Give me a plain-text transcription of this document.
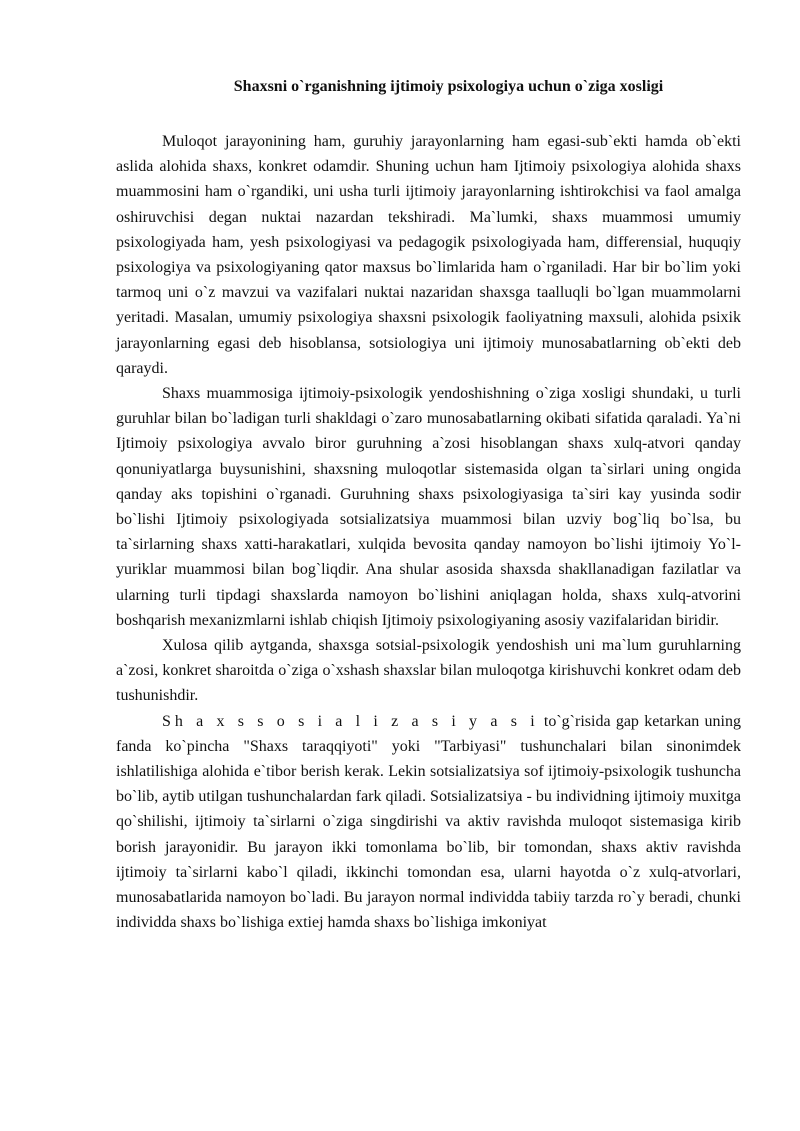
Shaxsni o`rganishning ijtimoiy psixologiya uchun o`ziga xosligi

Muloqot jarayonining ham, guruhiy jarayonlarning ham egasi-sub`ekti hamda ob`ekti aslida alohida shaxs, konkret odamdir. Shuning uchun ham Ijtimoiy psixologiya alohida shaxs muammosini ham o`rgandiki, uni usha turli ijtimoiy jarayonlarning ishtirokchisi va faol amalga oshiruvchisi degan nuktai nazardan tekshiradi. Ma`lumki, shaxs muammosi umumiy psixologiyada ham, yesh psixologiyasi va pedagogik psixologiyada ham, differensial, huquqiy psixologiya va psixologiyaning qator maxsus bo`limlarida ham o`rganiladi. Har bir bo`lim yoki tarmoq uni o`z mavzui va vazifalari nuktai nazaridan shaxsga taalluqli bo`lgan muammolarni yeritadi. Masalan, umumiy psixologiya shaxsni psixologik faoliyatning maxsuli, alohida psixik jarayonlarning egasi deb hisoblansa, sotsiologiya uni ijtimoiy munosabatlarning ob`ekti deb qaraydi.

Shaxs muammosiga ijtimoiy-psixologik yendoshishning o`ziga xosligi shundaki, u turli guruhlar bilan bo`ladigan turli shakldagi o`zaro munosabatlarning okibati sifatida qaraladi. Ya`ni Ijtimoiy psixologiya avvalo biror guruhning a`zosi hisoblangan shaxs xulq-atvori qanday qonuniyatlarga buysunishini, shaxsning muloqotlar sistemasida olgan ta`sirlari uning ongida qanday aks topishini o`rganadi. Guruhning shaxs psixologiyasiga ta`siri kay yusinda sodir bo`lishi Ijtimoiy psixologiyada sotsializatsiya muammosi bilan uzviy bog`liq bo`lsa, bu ta`sirlarning shaxs xatti-harakatlari, xulqida bevosita qanday namoyon bo`lishi ijtimoiy Yo`l-yuriklar muammosi bilan bog`liqdir. Ana shular asosida shaxsda shakllanadigan fazilatlar va ularning turli tipdagi shaxslarda namoyon bo`lishini aniqlagan holda, shaxs xulq-atvorini boshqarish mexanizmlarni ishlab chiqish Ijtimoiy psixologiyaning asosiy vazifalaridan biridir.

Xulosa qilib aytganda, shaxsga sotsial-psixologik yendoshish uni ma`lum guruhlarning a`zosi, konkret sharoitda o`ziga o`xshash shaxslar bilan muloqotga kirishuvchi konkret odam deb tushunishdir.

Sh a x s s o s i a l i z a s i y a s i to`g`risida gap ketarkan uning fanda ko`pincha "Shaxs taraqqiyoti" yoki "Tarbiyasi" tushunchalari bilan sinonimdek ishlatilishiga alohida e`tibor berish kerak. Lekin sotsializatsiya sof ijtimoiy-psixologik tushuncha bo`lib, aytib utilgan tushunchalardan fark qiladi. Sotsializatsiya - bu individning ijtimoiy muxitga qo`shilishi, ijtimoiy ta`sirlarni o`ziga singdirishi va aktiv ravishda muloqot sistemasiga kirib borish jarayonidir. Bu jarayon ikki tomonlama bo`lib, bir tomondan, shaxs aktiv ravishda ijtimoiy ta`sirlarni kabo`l qiladi, ikkinchi tomondan esa, ularni hayotda o`z xulq-atvorlari, munosabatlarida namoyon bo`ladi. Bu jarayon normal individda tabiiy tarzda ro`y beradi, chunki individda shaxs bo`lishiga extiej hamda shaxs bo`lishiga imkoniyat
